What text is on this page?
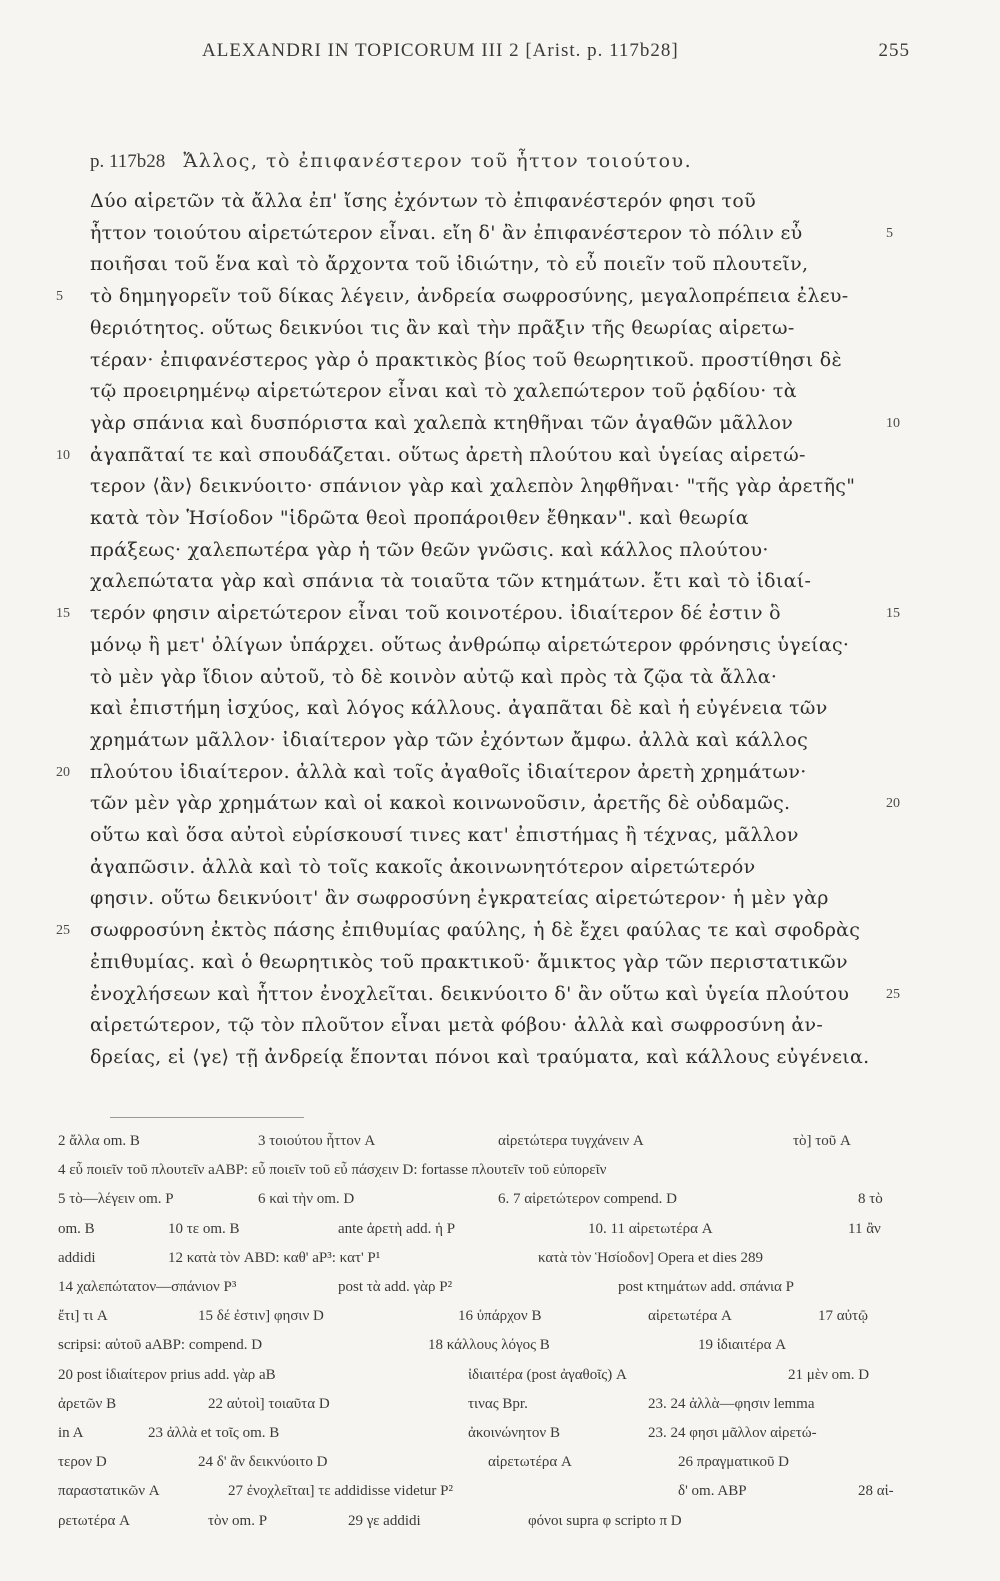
ALEXANDRI IN TOPICORUM III 2 [Arist. p. 117b28]	255
p. 117b28 Ἄλλος, τὸ ἐπιφανέστερον τοῦ ἧττον τοιούτου.
Δύο αἱρετῶν τὰ ἄλλα ἐπ' ἴσης ἐχόντων τὸ ἐπιφανέστερόν φησι τοῦ
ἧττον τοιούτου αἱρετώτερον εἶναι. εἴη δ' ἂν ἐπιφανέστερον τὸ πόλιν εὖ	5
ποιῆσαι τοῦ ἕνα καὶ τὸ ἄρχοντα τοῦ ἰδιώτην, τὸ εὖ ποιεῖν τοῦ πλουτεῖν,
τὸ δημηγορεῖν τοῦ δίκας λέγειν, ἀνδρεία σωφροσύνης, μεγαλοπρέπεια ἐλευ-
5
θεριότητος. οὕτως δεικνύοι τις ἂν καὶ τὴν πρᾶξιν τῆς θεωρίας αἱρετω-
τέραν· ἐπιφανέστερος γὰρ ὁ πρακτικὸς βίος τοῦ θεωρητικοῦ. προστίθησι δὲ
τῷ προειρημένῳ αἱρετώτερον εἶναι καὶ τὸ χαλεπώτερον τοῦ ῥᾳδίου· τὰ
γὰρ σπάνια καὶ δυσπόριστα καὶ χαλεπὰ κτηθῆναι τῶν ἀγαθῶν μᾶλλον	10
ἀγαπᾶταί τε καὶ σπουδάζεται. οὕτως ἀρετὴ πλούτου καὶ ὑγείας αἱρετώ-
10
τερον ⟨ἂν⟩ δεικνύοιτο· σπάνιον γὰρ καὶ χαλεπὸν ληφθῆναι· "τῆς γὰρ ἀρετῆς"
κατὰ τὸν Ἡσίοδον "ἱδρῶτα θεοὶ προπάροιθεν ἔθηκαν". καὶ θεωρία
πράξεως· χαλεπωτέρα γὰρ ἡ τῶν θεῶν γνῶσις. καὶ κάλλος πλούτου·
χαλεπώτατα γὰρ καὶ σπάνια τὰ τοιαῦτα τῶν κτημάτων. ἔτι καὶ τὸ ἰδιαί-
τερόν φησιν αἱρετώτερον εἶναι τοῦ κοινοτέρου. ἰδιαίτερον δέ ἐστιν ὃ
15	15
μόνῳ ἢ μετ' ὀλίγων ὑπάρχει. οὕτως ἀνθρώπῳ αἱρετώτερον φρόνησις ὑγείας·
τὸ μὲν γὰρ ἴδιον αὐτοῦ, τὸ δὲ κοινὸν αὐτῷ καὶ πρὸς τὰ ζῷα τὰ ἄλλα·
καὶ ἐπιστήμη ἰσχύος, καὶ λόγος κάλλους. ἀγαπᾶται δὲ καὶ ἡ εὐγένεια τῶν
χρημάτων μᾶλλον· ἰδιαίτερον γὰρ τῶν ἐχόντων ἄμφω. ἀλλὰ καὶ κάλλος
πλούτου ἰδιαίτερον. ἀλλὰ καὶ τοῖς ἀγαθοῖς ἰδιαίτερον ἀρετὴ χρημάτων·
20
τῶν μὲν γὰρ χρημάτων καὶ οἱ κακοὶ κοινωνοῦσιν, ἀρετῆς δὲ οὐδαμῶς.	20
οὕτω καὶ ὅσα αὐτοὶ εὑρίσκουσί τινες κατ' ἐπιστήμας ἢ τέχνας, μᾶλλον
ἀγαπῶσιν. ἀλλὰ καὶ τὸ τοῖς κακοῖς ἀκοινωνητότερον αἱρετώτερόν
φησιν. οὕτω δεικνύοιτ' ἂν σωφροσύνη ἐγκρατείας αἱρετώτερον· ἡ μὲν γὰρ
σωφροσύνη ἐκτὸς πάσης ἐπιθυμίας φαύλης, ἡ δὲ ἔχει φαύλας τε καὶ σφοδρὰς
25
ἐπιθυμίας. καὶ ὁ θεωρητικὸς τοῦ πρακτικοῦ· ἄμικτος γὰρ τῶν περιστατικῶν
ἐνοχλήσεων καὶ ἧττον ἐνοχλεῖται. δεικνύοιτο δ' ἂν οὕτω καὶ ὑγεία πλούτου	25
αἱρετώτερον, τῷ τὸν πλοῦτον εἶναι μετὰ φόβου· ἀλλὰ καὶ σωφροσύνη ἀν-
δρείας, εἰ ⟨γε⟩ τῇ ἀνδρείᾳ ἕπονται πόνοι καὶ τραύματα, καὶ κάλλους εὐγένεια.
2 ἄλλα om. B	3 τοιούτου ἧττον A	αἱρετώτερα τυγχάνειν A	τὸ] τοῦ A
4 εὖ ποιεῖν τοῦ πλουτεῖν aABP: εὖ ποιεῖν τοῦ εὖ πάσχειν D: fortasse πλουτεῖν τοῦ εὐπορεῖν
5 τὸ—λέγειν om. P	6 καὶ τὴν om. D	6. 7 αἱρετώτερον compend. D	8 τὸ
om. B	10 τε om. B	ante ἀρετὴ add. ἡ P	10. 11 αἱρετωτέρα A	11 ἂν
addidi	12 κατὰ τὸν ABD: καθ' aP³: κατ' P¹	κατὰ τὸν Ἡσίοδον] Opera et dies 289
14 χαλεπώτατον—σπάνιον P³	post τὰ add. γὰρ P²	post κτημάτων add. σπάνια P
ἔτι] τι A	15 δέ ἐστιν] φησιν D	16 ὑπάρχον B	αἱρετωτέρα A	17 αὐτῷ
scripsi: αὐτοῦ aABP: compend. D	18 κάλλους λόγος B	19 ἰδιαιτέρα A
20 post ἰδιαίτερον prius add. γὰρ aB	ἰδιαιτέρα (post ἀγαθοῖς) A	21 μὲν om. D
ἀρετῶν B	22 αὐτοὶ] τοιαῦτα D	τινας Bpr.	23. 24 ἀλλὰ—φησιν lemma
in A	23 ἀλλὰ et τοῖς om. B	ἀκοινώνητον B	23. 24 φησι μᾶλλον αἱρετώ-
τερον D	24 δ' ἂν δεικνύοιτο D	αἱρετωτέρα A	26 πραγματικοῦ D
παραστατικῶν A	27 ἐνοχλεῖται] τε addidisse videtur P²	δ' om. ABP	28 αἱ-
ρετωτέρα A	τὸν om. P	29 γε addidi	φόνοι supra φ scripto π D
